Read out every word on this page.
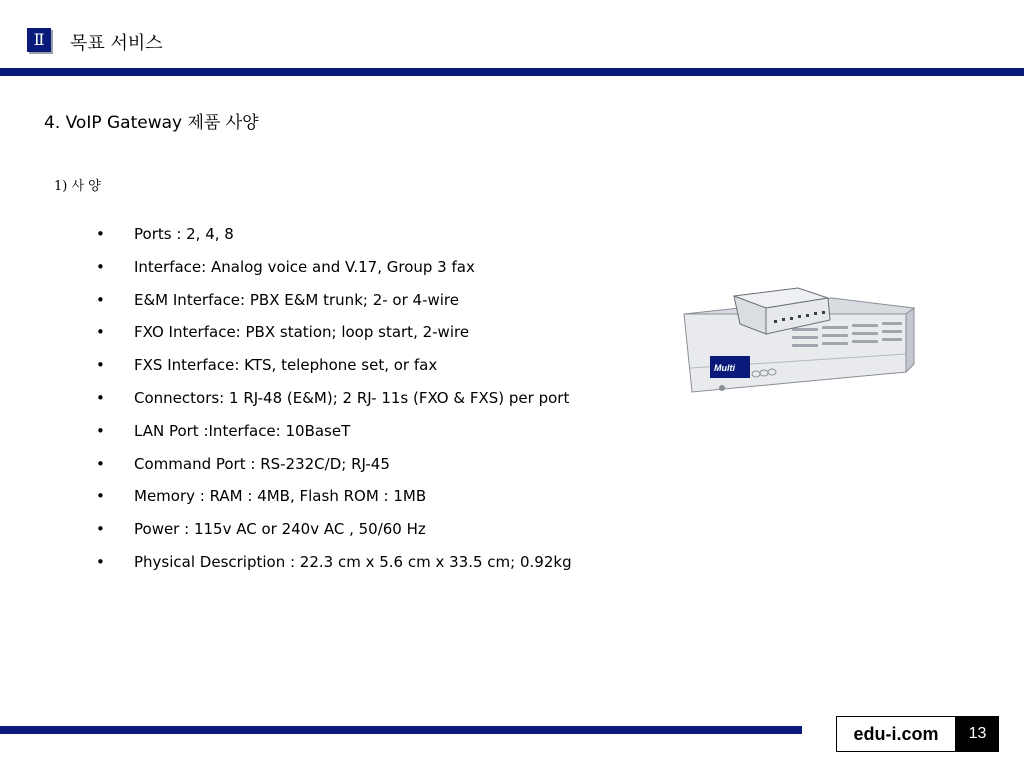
Ⅱ	목표 서비스
4. VoIP Gateway 제품 사양
1) 사 양
• Ports : 2, 4, 8
• Interface: Analog voice and V.17, Group 3 fax
• E&M Interface: PBX E&M trunk; 2- or 4-wire
• FXO Interface: PBX station; loop start, 2-wire
• FXS Interface: KTS, telephone set, or fax
• Connectors: 1 RJ-48 (E&M); 2 RJ- 11s (FXO & FXS) per port
• LAN Port :Interface: 10BaseT
• Command Port : RS-232C/D; RJ-45
• Memory : RAM : 4MB, Flash ROM : 1MB
• Power : 115v AC or 240v AC , 50/60 Hz
• Physical Description : 22.3 cm x 5.6 cm x 33.5 cm; 0.92kg
Multi
edu-i.com	13
